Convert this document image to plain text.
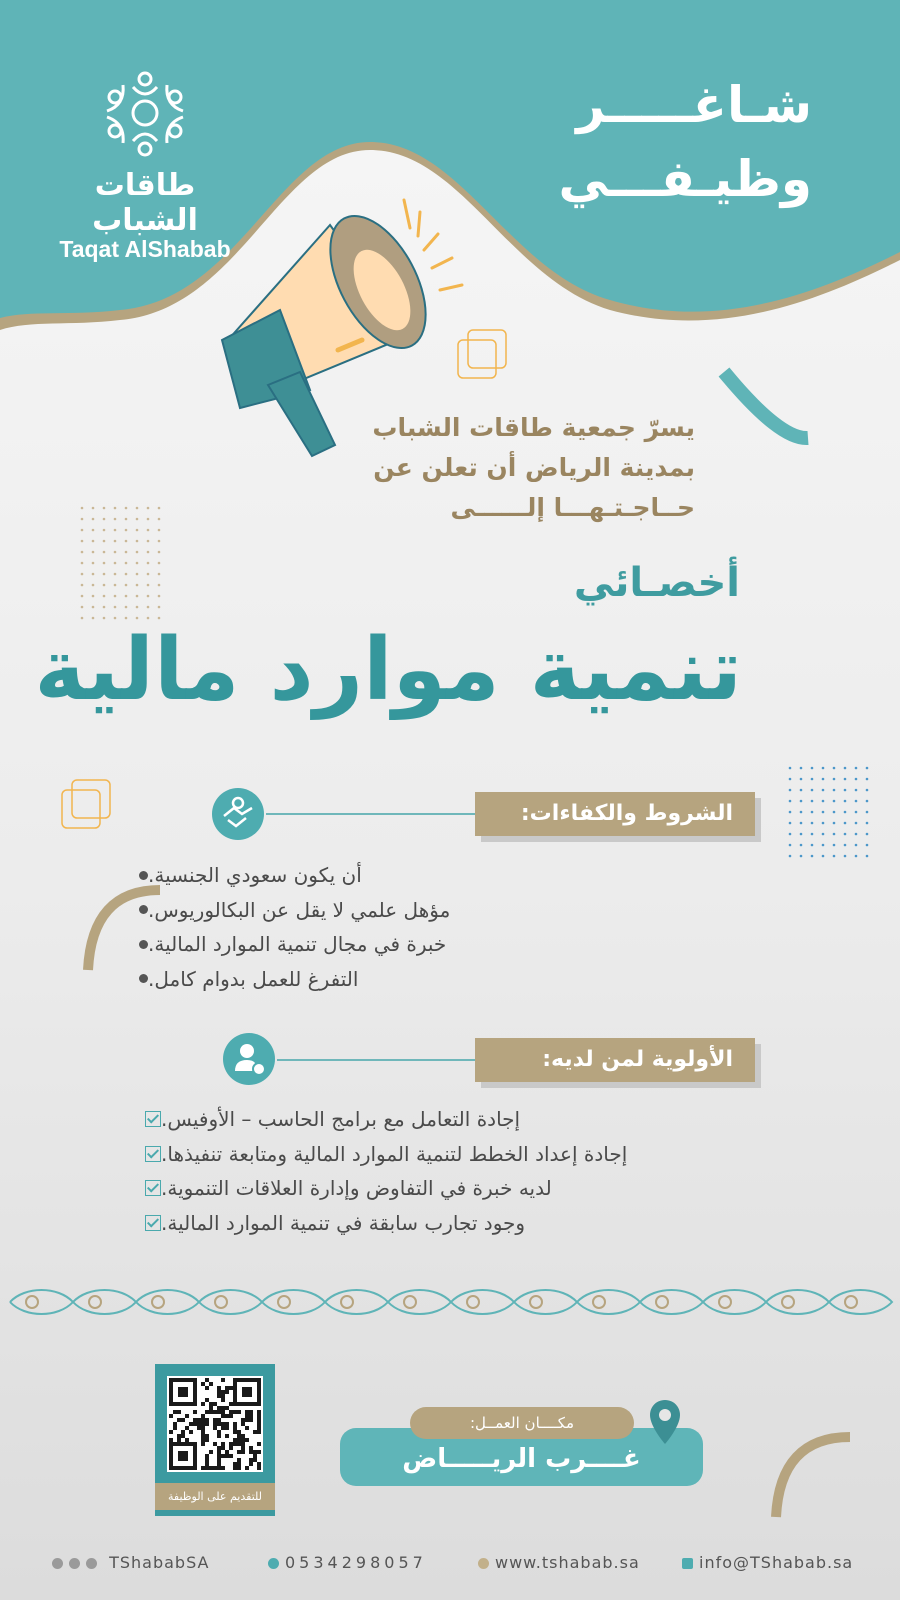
طاقات الشباب
Taqat AlShabab
شـاغـــــر
وظيـفـــي
يسرّ جمعية طاقات الشباب
بمدينة الرياض أن تعلن عن
حــاجـتـهـــا إلــــــى
أخصـائي
تنمية موارد مالية
الشروط والكفاءات:
أن يكون سعودي الجنسية.
مؤهل علمي لا يقل عن البكالوريوس.
خبرة في مجال تنمية الموارد المالية.
التفرغ للعمل بدوام كامل.
الأولوية لمن لديه:
إجادة التعامل مع برامج الحاسب – الأوفيس.
إجادة إعداد الخطط لتنمية الموارد المالية ومتابعة تنفيذها.
لديه خبرة في التفاوض وإدارة العلاقات التنموية.
وجود تجارب سابقة في تنمية الموارد المالية.
للتقديم على الوظيفة
مكــــان العمــل:
غــــرب الريـــــاض
TShababSA	0534298057	www.tshabab.sa	info@TShabab.sa
